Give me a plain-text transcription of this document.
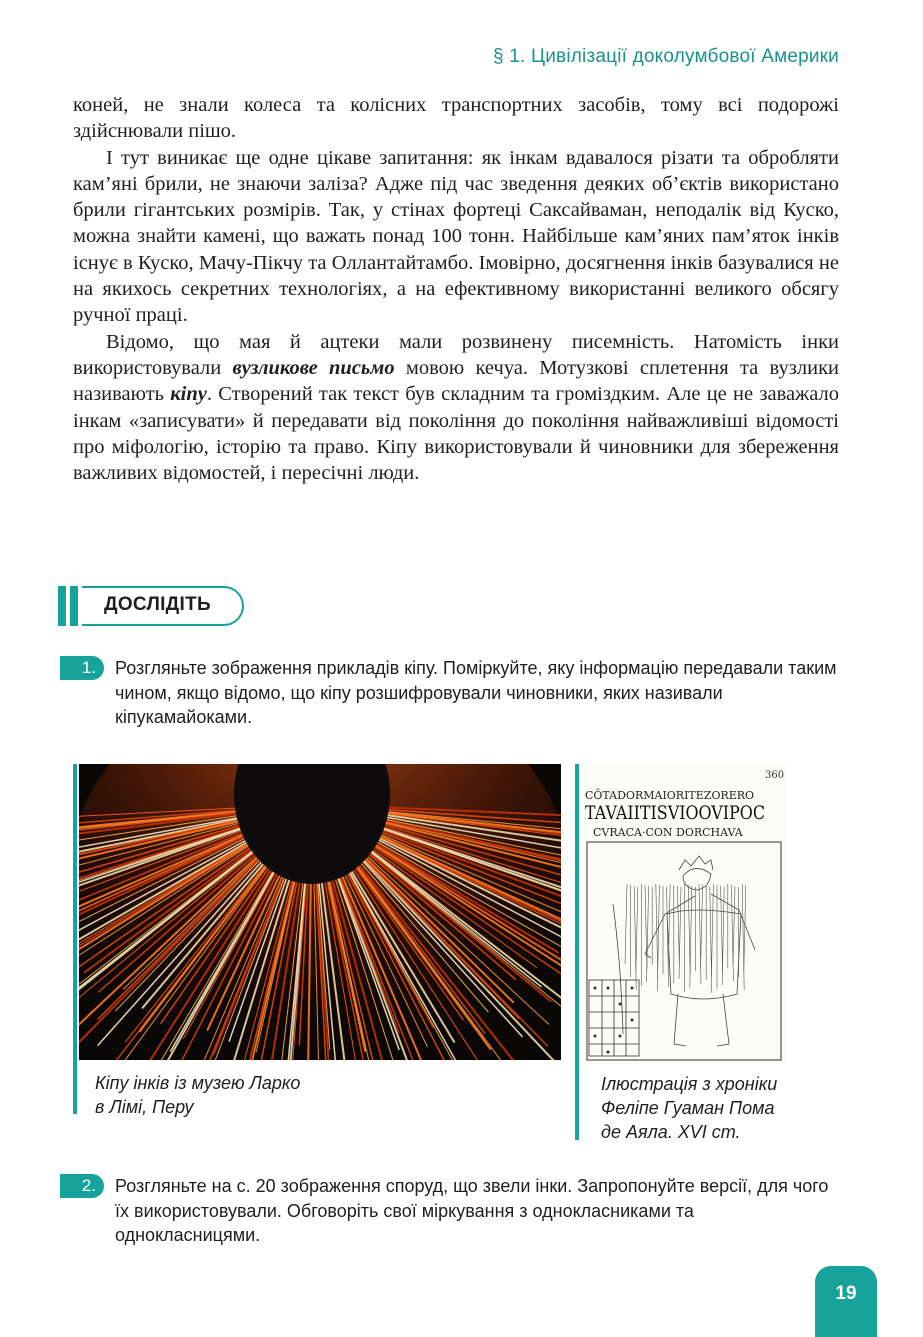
§ 1. Цивілізації доколумбової Америки

коней, не знали колеса та колісних транспортних засобів, тому всі подорожі здійснювали пішо.

І тут виникає ще одне цікаве запитання: як інкам вдавалося різати та обробляти кам’яні брили, не знаючи заліза? Адже під час зведення деяких об’єктів використано брили гігантських розмірів. Так, у стінах фортеці Саксайваман, неподалік від Куско, можна знайти камені, що важать понад 100 тонн. Найбільше кам’яних пам’яток інків існує в Куско, Мачу-Пікчу та Оллантайтамбо. Імовірно, досягнення інків базувалися не на якихось секретних технологіях, а на ефективному використанні великого обсягу ручної праці.

Відомо, що мая й ацтеки мали розвинену писемність. Натомість інки використовували вузликове письмо мовою кечуа. Мотузкові сплетення та вузлики називають кіпу. Створений так текст був складним та громіздким. Але це не заважало інкам «записувати» й передавати від покоління до покоління найважливіші відомості про міфологію, історію та право. Кіпу використовували й чиновники для збереження важливих відомостей, і пересічні люди.

ДОСЛІДІТЬ
1.	Розгляньте зображення прикладів кіпу. Поміркуйте, яку інформацію передавали таким чином, якщо відомо, що кіпу розшифровували чиновники, яких називали кіпукамайоками.
Кіпу інків із музею Ларко
в Лімі, Перу
360
CŌTADORMAIORITEZORERO
TAVAIITISVIOOVIPOC
CVRACA·CON DORCHAVA
Ілюстрація з хроніки
Феліпе Гуаман Пома
де Аяла. XVI ст.
2.	Розгляньте на с. 20 зображення споруд, що звели інки. Запропонуйте версії, для чого їх використовували. Обговоріть свої міркування з однокласниками та однокласницями.
19
